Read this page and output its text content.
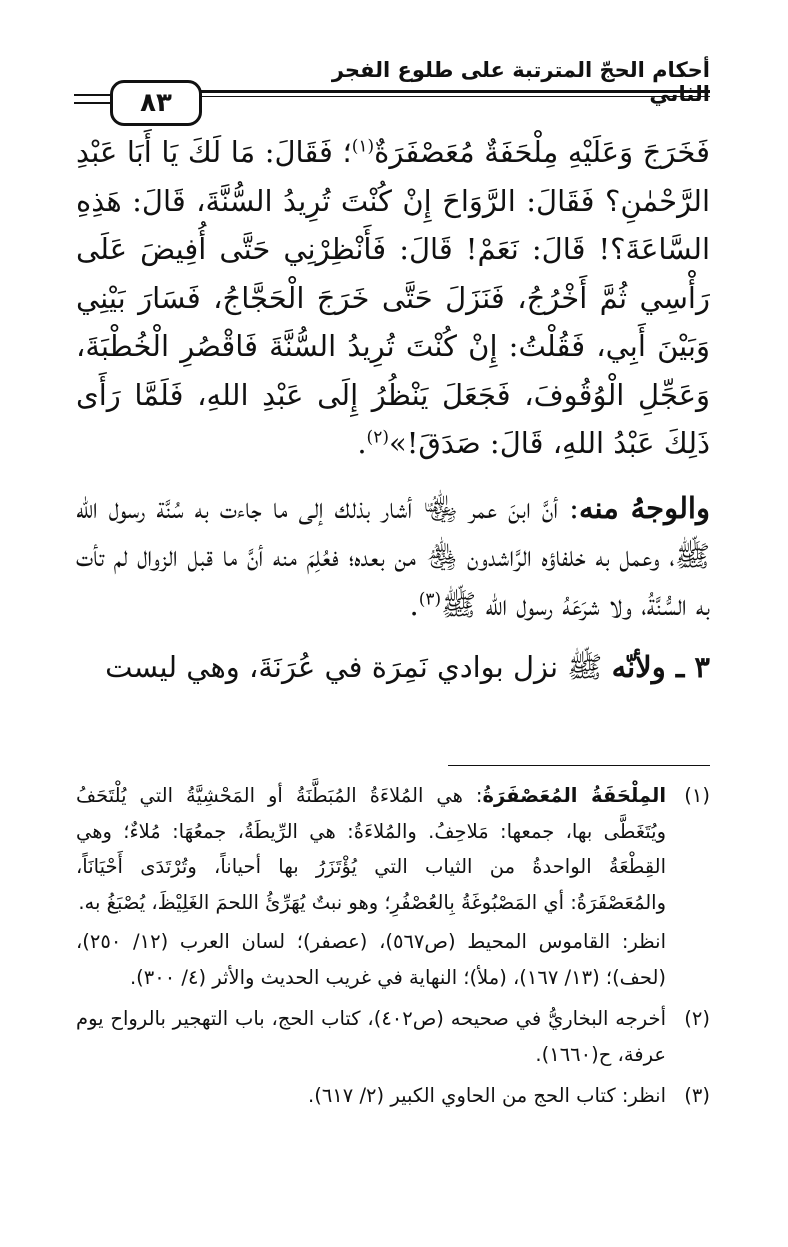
أحكام الحجّ المترتبة على طلوع الفجر الثاني
٨٣

فَخَرَجَ وَعَلَيْهِ مِلْحَفَةٌ مُعَصْفَرَةٌ$^{(١)}$؛ فَقَالَ: مَا لَكَ يَا أَبَا عَبْدِ الرَّحْمٰنِ؟ فَقَالَ: الرَّوَاحَ إِنْ كُنْتَ تُرِيدُ السُّنَّةَ، قَالَ: هَذِهِ السَّاعَةَ؟! قَالَ: نَعَمْ! قَالَ: فَأَنْظِرْنِي حَتَّى أُفِيضَ عَلَى رَأْسِي ثُمَّ أَخْرُجُ، فَنَزَلَ حَتَّى خَرَجَ الْحَجَّاجُ، فَسَارَ بَيْنِي وَبَيْنَ أَبِي، فَقُلْتُ: إِنْ كُنْتَ تُرِيدُ السُّنَّةَ فَاقْصُرِ الْخُطْبَةَ، وَعَجِّلِ الْوُقُوفَ، فَجَعَلَ يَنْظُرُ إِلَى عَبْدِ اللهِ، فَلَمَّا رَأَى ذَلِكَ عَبْدُ اللهِ، قَالَ: صَدَقَ!»$^{(٢)}$.

والوجهُ منه: أنَّ ابنَ عمر ﵄ أشار بذلك إلى ما جاءت به سُنَّة رسول الله ﷺ، وعمل به خلفاؤه الرَّاشدون ﵃ من بعده؛ فعُلِمَ منه أنَّ ما قبل الزوال لم تأت به السُّنَّةُ، ولا شرَعَهُ رسول الله ﷺ$^{(٣)}$.

٣ ـ ولأنّه ﷺ نزل بوادي نَمِرَة في عُرَنَةَ، وهي ليست

(١)

المِلْحَفَةُ المُعَصْفَرَةُ: هي المُلاءَةُ المُبَطَّنَةُ أو المَحْشِيَّةُ التي يُلْتَحَفُ ويُتَغَطَّى بها، جمعها: مَلاحِفُ. والمُلاءَةُ: هي الرِّيطَةُ، جمعُهَا: مُلاءٌ؛ وهي القِطْعَةُ الواحدةُ من الثياب التي يُؤْتَزَرُ بها أحياناً، وتُرْتَدَى أَحْيَانَاً، والمُعَصْفَرَةُ: أي المَصْبُوغَةُ بِالعُصْفُرِ؛ وهو نبتٌ يُهَرِّئُ اللحمَ الغَلِيْظَ، يُصْبَغُ به.

انظر: القاموس المحيط (ص٥٦٧)، (عصفر)؛ لسان العرب (١٢/ ٢٥٠)، (لحف)؛ (١٣/ ١٦٧)، (ملأ)؛ النهاية في غريب الحديث والأثر (٤/ ٣٠٠).

(٢)

أخرجه البخاريُّ في صحيحه (ص٤٠٢)، كتاب الحج، باب التهجير بالرواح يوم عرفة، ح(١٦٦٠).

(٣)

انظر: كتاب الحج من الحاوي الكبير (٢/ ٦١٧).
